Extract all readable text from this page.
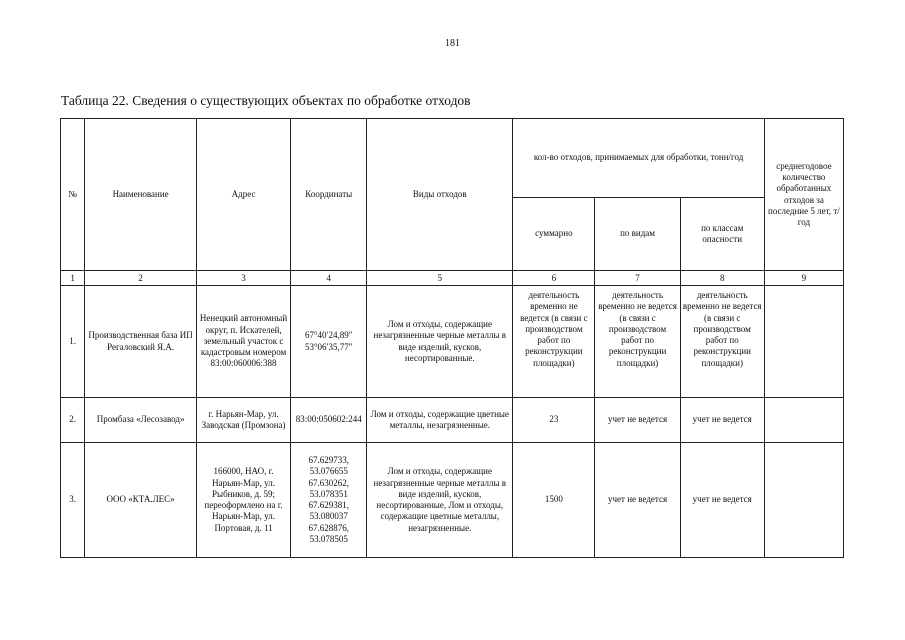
181
Таблица 22. Сведения о существующих объектах по обработке отходов
№	Наименование	Адрес	Координаты	Виды отходов	кол-во отходов, принимаемых для обработки, тонн/год			среднегодовое количество обработанных отходов за последние 5 лет, т/год
					суммарно	по видам	по классам опасности	
1	2	3	4	5	6	7	8	9
1.	Производственная база ИП Регаловский Я.А.	Ненецкий автономный округ, п. Искателей, земельный участок с кадастровым номером 83:00:060006:388	67°40′24,89″ 53°06′35,77″	Лом и отходы, содержащие незагрязненные черные металлы в виде изделий, кусков, несортированные.	деятельность временно не ведется (в связи с производством работ по реконструкции площадки)	деятельность временно не ведется (в связи с производством работ по реконструкции площадки)	деятельность временно не ведется (в связи с производством работ по реконструкции площадки)	
2.	Промбаза «Лесозавод»	г. Нарьян-Мар, ул. Заводская (Промзона)	83:00:050602:244	Лом и отходы, содержащие цветные металлы, незагрязненные.	23	учет не ведется	учет не ведется	
3.	ООО «КТА.ЛЕС»	166000, НАО, г. Нарьян-Мар, ул. Рыбников, д. 59; переоформлено на г. Нарьян-Мар, ул. Портовая, д. 11	67.629733, 53.076655 67.630262, 53.078351 67.629381, 53.080037 67.628876, 53.078505	Лом и отходы, содержащие незагрязненные черные металлы в виде изделий, кусков, несортированные, Лом и отходы, содержащие цветные металлы, незагрязненные.	1500	учет не ведется	учет не ведется	
